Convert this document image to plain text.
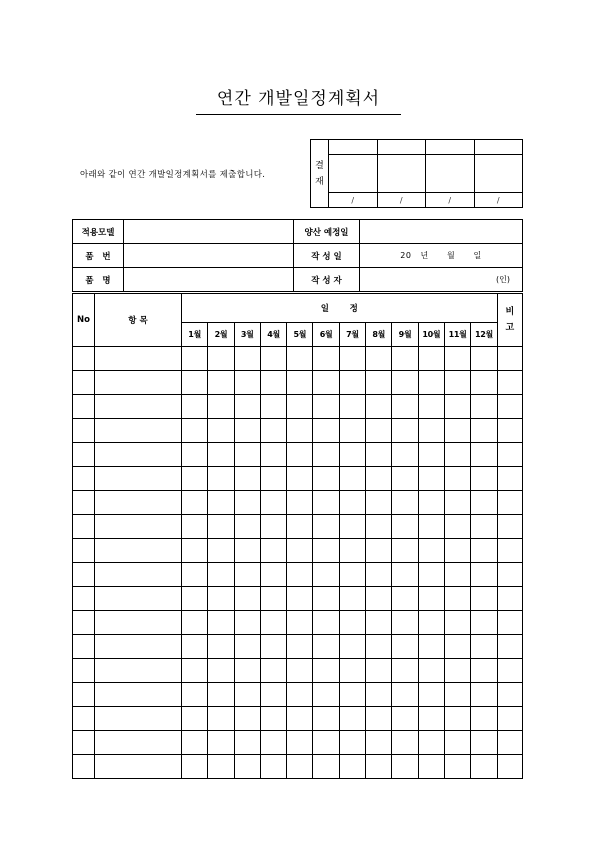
연간 개발일정계획서
아래와 같이 연간 개발일정계획서를 제출합니다.
결
재				

	/	/	/	/
적용모델		양산 예정일	
품   번		작 성 일	20   년      월      일
품   명		작 성 자	(인)
No	항 목	일       정												비
고

		1월	2월	3월	4월	5월	6월	7월	8월	9월	10월	11월	12월	
